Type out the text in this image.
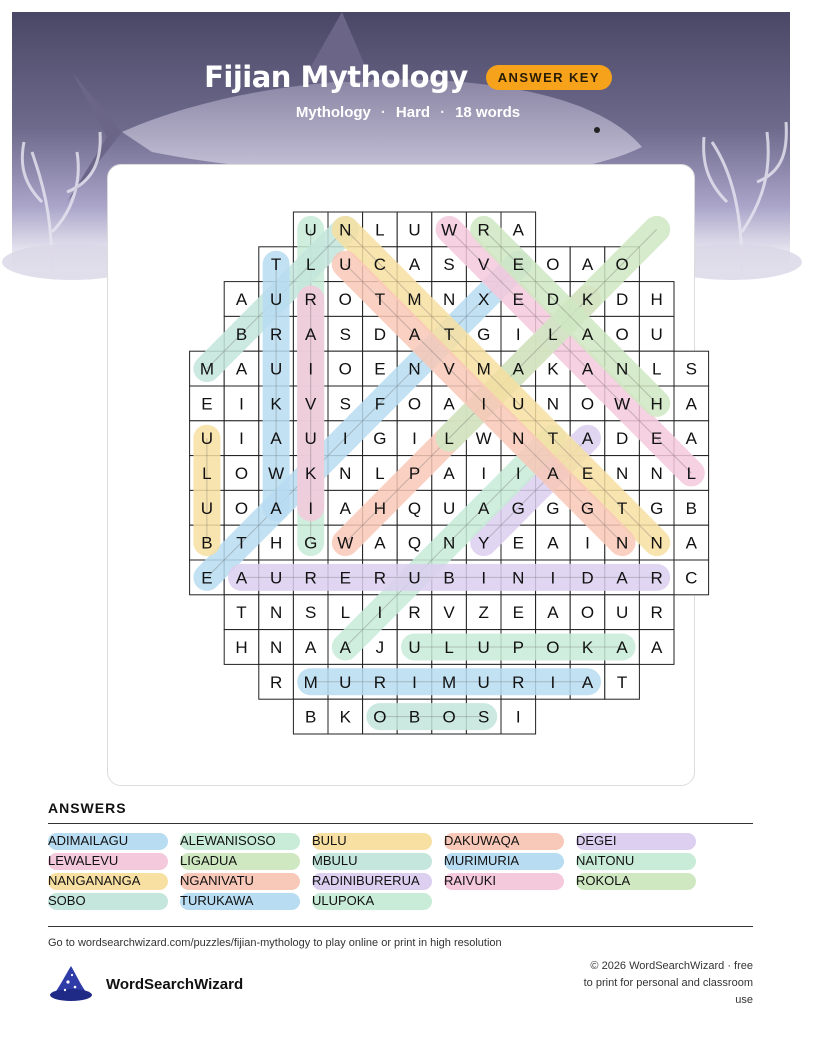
Fijian Mythology	ANSWER KEY
Mythology · Hard · 18 words
U N L U W R A
T L U C A S V E O A O
A U R O T M N X E D K D H
B R A S D A T G I L A O U
M A U I O E N V M A K A N L S
E I K V S F O A I U N O W H A
U I A U I G I L W N T A D E A
L O W K N L P A I I A E N N L
U O A I A H Q U A G G G T G B
B T H G W A Q N Y E A I N N A
E A U R E R U B I N I D A R C
T N S L I R V Z E A O U R
H N A A J U L U P O K A A
R M U R I M U R I A T
B K O B O S I
ANSWERS
ADIMAILAGU	ALEWANISOSO	BULU	DAKUWAQA	DEGEI
LEWALEVU	LIGADUA	MBULU	MURIMURIA	NAITONU
NANGANANGA	NGANIVATU	RADINIBURERUA	RAIVUKI	ROKOLA
SOBO	TURUKAWA	ULUPOKA
Go to wordsearchwizard.com/puzzles/fijian-mythology to play online or print in high resolution
WordSearchWizard
© 2026 WordSearchWizard · free to print for personal and classroom use
